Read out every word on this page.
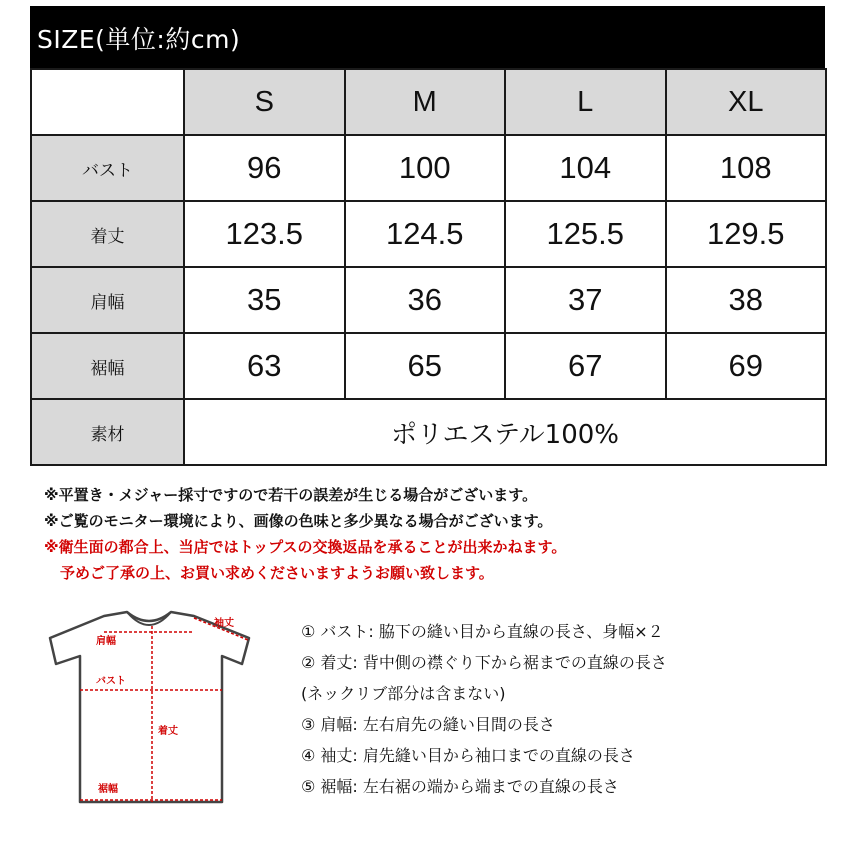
SIZE(単位:約cm)
	S	M	L	XL
バスト	96	100	104	108
着丈	123.5	124.5	125.5	129.5
肩幅	35	36	37	38
裾幅	63	65	67	69
素材	ポリエステル100%			
※平置き・メジャー採寸ですので若干の誤差が生じる場合がございます。
※ご覧のモニター環境により、画像の色味と多少異なる場合がございます。
※衛生面の都合上、当店ではトップスの交換返品を承ることが出来かねます。
予めご了承の上、お買い求めくださいますようお願い致します。
肩幅
バスト
着丈
裾幅
袖丈	① バスト: 脇下の縫い目から直線の長さ、身幅×２
② 着丈: 背中側の襟ぐり下から裾までの直線の長さ
(ネックリブ部分は含まない)
③ 肩幅: 左右肩先の縫い目間の長さ
④ 袖丈: 肩先縫い目から袖口までの直線の長さ
⑤ 裾幅: 左右裾の端から端までの直線の長さ
